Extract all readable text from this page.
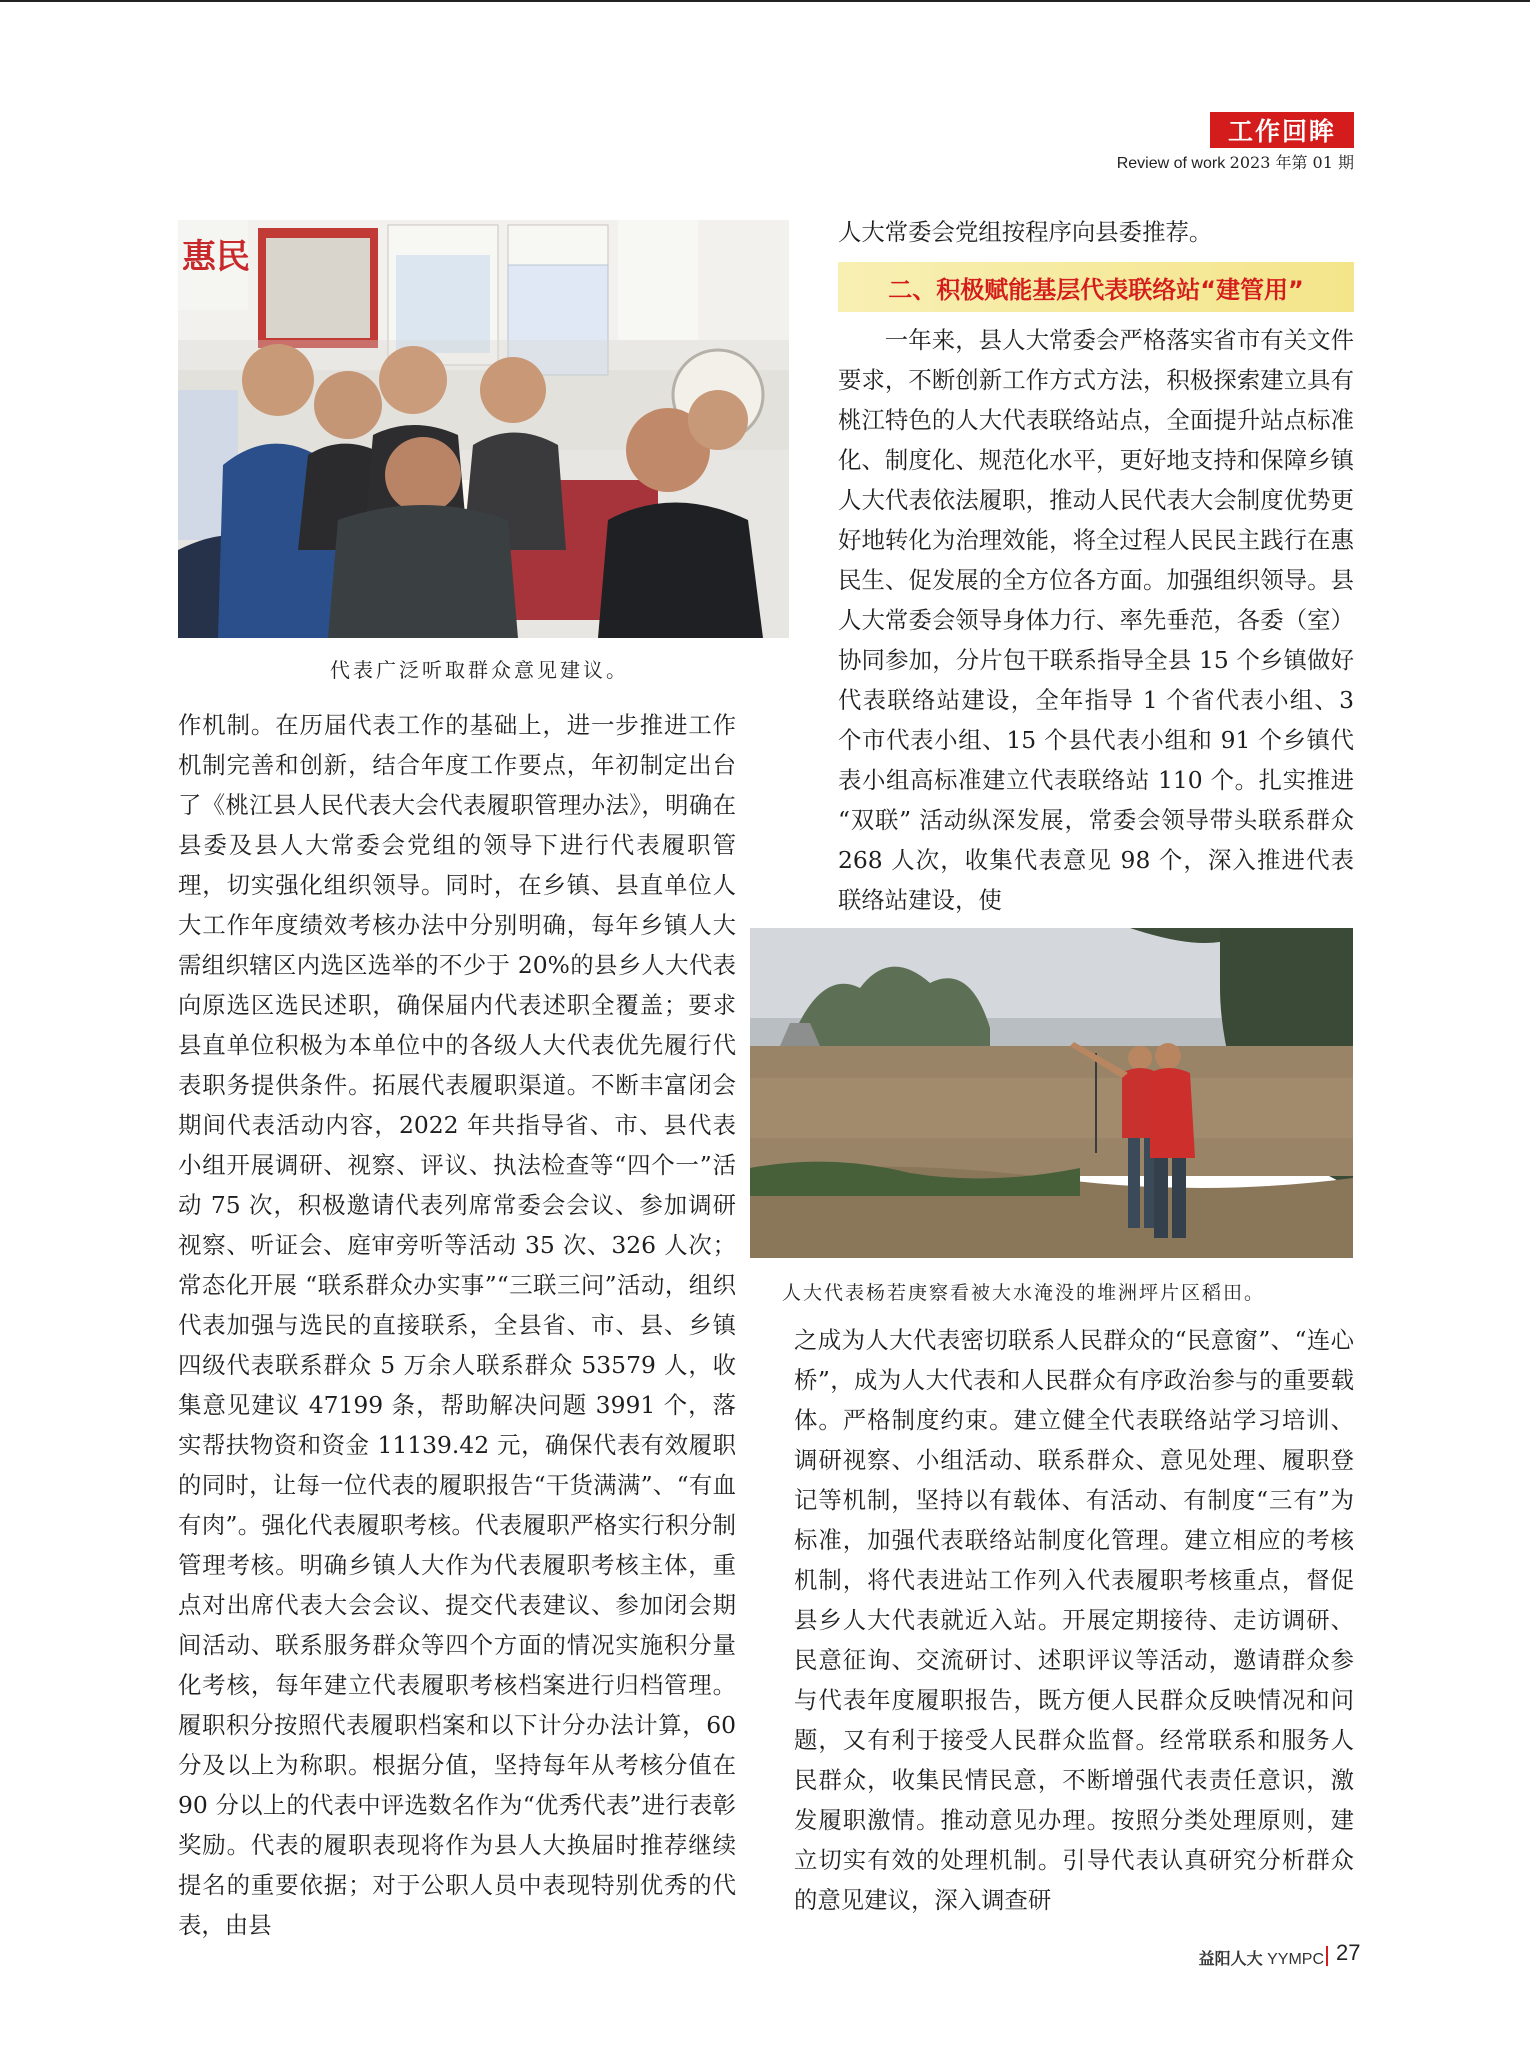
工作回眸
Review of work 2023 年第 01 期
惠民
代表广泛听取群众意见建议。

作机制。在历届代表工作的基础上，进一步推进工作机制完善和创新，结合年度工作要点，年初制定出台了《桃江县人民代表大会代表履职管理办法》，明确在县委及县人大常委会党组的领导下进行代表履职管理，切实强化组织领导。同时，在乡镇、县直单位人大工作年度绩效考核办法中分别明确，每年乡镇人大需组织辖区内选区选举的不少于 20%的县乡人大代表向原选区选民述职，确保届内代表述职全覆盖；要求县直单位积极为本单位中的各级人大代表优先履行代表职务提供条件。拓展代表履职渠道。不断丰富闭会期间代表活动内容，2022 年共指导省、市、县代表小组开展调研、视察、评议、执法检查等“四个一”活动 75 次，积极邀请代表列席常委会会议、参加调研视察、听证会、庭审旁听等活动 35 次、326 人次；常态化开展 “联系群众办实事”“三联三问”活动，组织代表加强与选民的直接联系，全县省、市、县、乡镇四级代表联系群众 5 万余人联系群众 53579 人，收集意见建议 47199 条，帮助解决问题 3991 个，落实帮扶物资和资金 11139.42 元，确保代表有效履职的同时，让每一位代表的履职报告“干货满满”、“有血有肉”。强化代表履职考核。代表履职严格实行积分制管理考核。明确乡镇人大作为代表履职考核主体，重点对出席代表大会会议、提交代表建议、参加闭会期间活动、联系服务群众等四个方面的情况实施积分量化考核，每年建立代表履职考核档案进行归档管理。履职积分按照代表履职档案和以下计分办法计算，60 分及以上为称职。根据分值，坚持每年从考核分值在 90 分以上的代表中评选数名作为“优秀代表”进行表彰奖励。代表的履职表现将作为县人大换届时推荐继续提名的重要依据；对于公职人员中表现特别优秀的代表，由县

人大常委会党组按程序向县委推荐。

二、积极赋能基层代表联络站“建管用”

一年来，县人大常委会严格落实省市有关文件要求，不断创新工作方式方法，积极探索建立具有桃江特色的人大代表联络站点，全面提升站点标准化、制度化、规范化水平，更好地支持和保障乡镇人大代表依法履职，推动人民代表大会制度优势更好地转化为治理效能，将全过程人民民主践行在惠民生、促发展的全方位各方面。加强组织领导。县人大常委会领导身体力行、率先垂范，各委（室）协同参加，分片包干联系指导全县 15 个乡镇做好代表联络站建设，全年指导 1 个省代表小组、3 个市代表小组、15 个县代表小组和 91 个乡镇代表小组高标准建立代表联络站 110 个。扎实推进 “双联” 活动纵深发展，常委会领导带头联系群众 268 人次，收集代表意见 98 个，深入推进代表联络站建设，使

人大代表杨若庚察看被大水淹没的堆洲坪片区稻田。

之成为人大代表密切联系人民群众的“民意窗”、“连心桥”，成为人大代表和人民群众有序政治参与的重要载体。严格制度约束。建立健全代表联络站学习培训、调研视察、小组活动、联系群众、意见处理、履职登记等机制，坚持以有载体、有活动、有制度“三有”为标准，加强代表联络站制度化管理。建立相应的考核机制，将代表进站工作列入代表履职考核重点，督促县乡人大代表就近入站。开展定期接待、走访调研、民意征询、交流研讨、述职评议等活动，邀请群众参与代表年度履职报告，既方便人民群众反映情况和问题，又有利于接受人民群众监督。经常联系和服务人民群众，收集民情民意，不断增强代表责任意识，激发履职激情。推动意见办理。按照分类处理原则，建立切实有效的处理机制。引导代表认真研究分析群众的意见建议，深入调查研

益阳人大 YYMPC 27
